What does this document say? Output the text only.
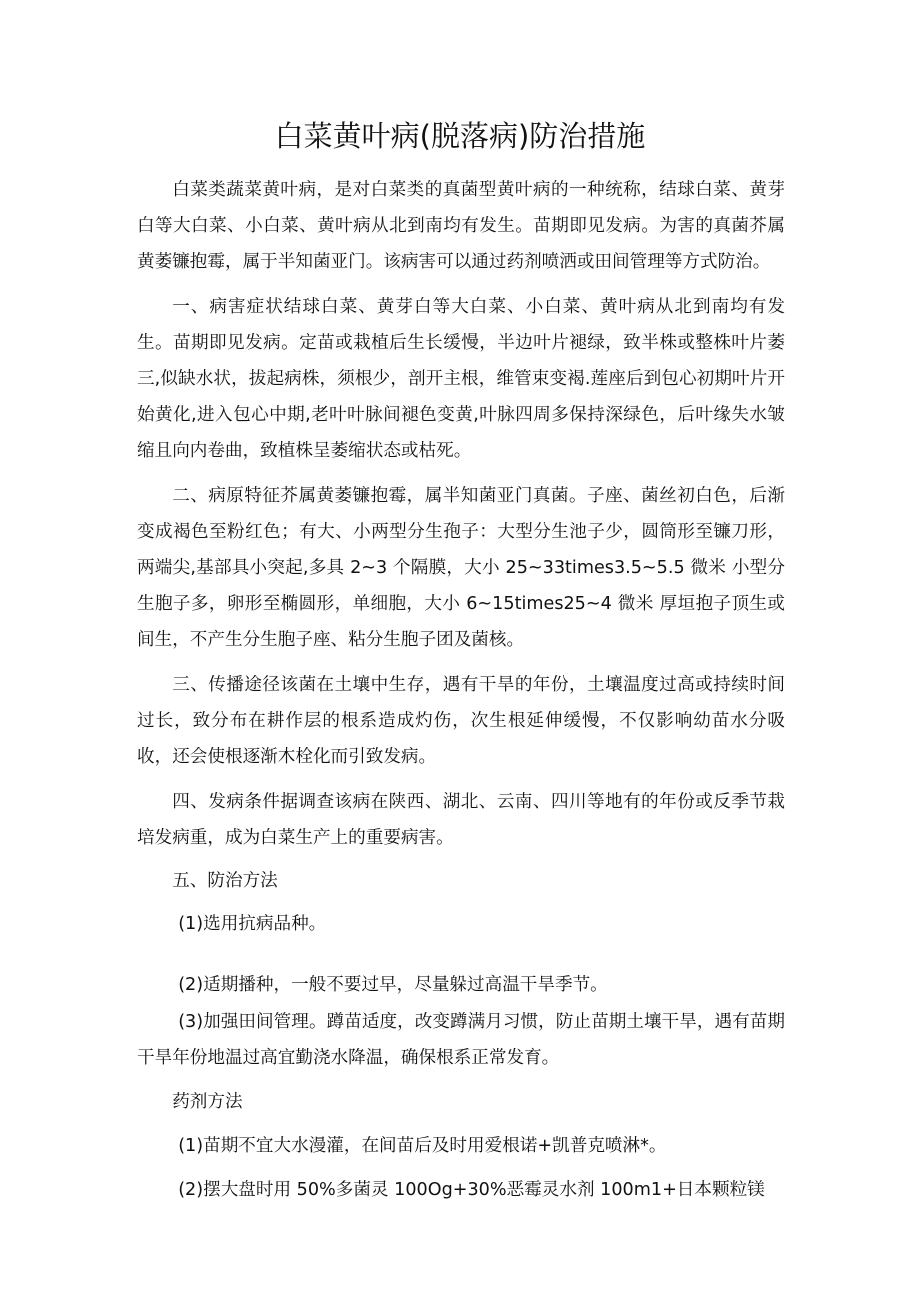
白菜黄叶病(脱落病)防治措施

白菜类蔬菜黄叶病，是对白菜类的真菌型黄叶病的一种统称，结球白菜、黄芽白等大白菜、小白菜、黄叶病从北到南均有发生。苗期即见发病。为害的真菌芥属黄萎镰抱霉，属于半知菌亚门。该病害可以通过药剂喷洒或田间管理等方式防治。

一、病害症状结球白菜、黄芽白等大白菜、小白菜、黄叶病从北到南均有发生。苗期即见发病。定苗或栽植后生长缓慢，半边叶片褪绿，致半株或整株叶片萎三,似缺水状，拔起病株，须根少，剖开主根，维管束变褐.莲座后到包心初期叶片开始黄化,进入包心中期,老叶叶脉间褪色变黄,叶脉四周多保持深绿色，后叶缘失水皱缩且向内卷曲，致植株呈萎缩状态或枯死。

二、病原特征芥属黄萎镰抱霉，属半知菌亚门真菌。子座、菌丝初白色，后渐变成褐色至粉红色；有大、小两型分生孢子：大型分生池子少，圆筒形至镰刀形，两端尖,基部具小突起,多具 2~3 个隔膜，大小 25~33times3.5~5.5 微米 小型分生胞子多，卵形至椭圆形，单细胞，大小 6~15times25~4 微米 厚垣抱子顶生或间生，不产生分生胞子座、粘分生胞子团及菌核。

三、传播途径该菌在土壤中生存，遇有干旱的年份，土壤温度过高或持续时间过长，致分布在耕作层的根系造成灼伤，次生根延伸缓慢，不仅影响幼苗水分吸收，还会使根逐渐木栓化而引致发病。

四、发病条件据调查该病在陕西、湖北、云南、四川等地有的年份或反季节栽培发病重，成为白菜生产上的重要病害。

五、防治方法

(1)选用抗病品种。

(2)适期播种，一般不要过早，尽量躲过高温干旱季节。

(3)加强田间管理。蹲苗适度，改变蹲满月习惯，防止苗期土壤干旱，遇有苗期干旱年份地温过高宜勤浇水降温，确保根系正常发育。

药剂方法

(1)苗期不宜大水漫灌，在间苗后及时用爱根诺+凯普克喷淋*。

(2)摆大盘时用 50%多菌灵 100Og+30%恶霉灵水剂 100m1+日本颗粒镁
